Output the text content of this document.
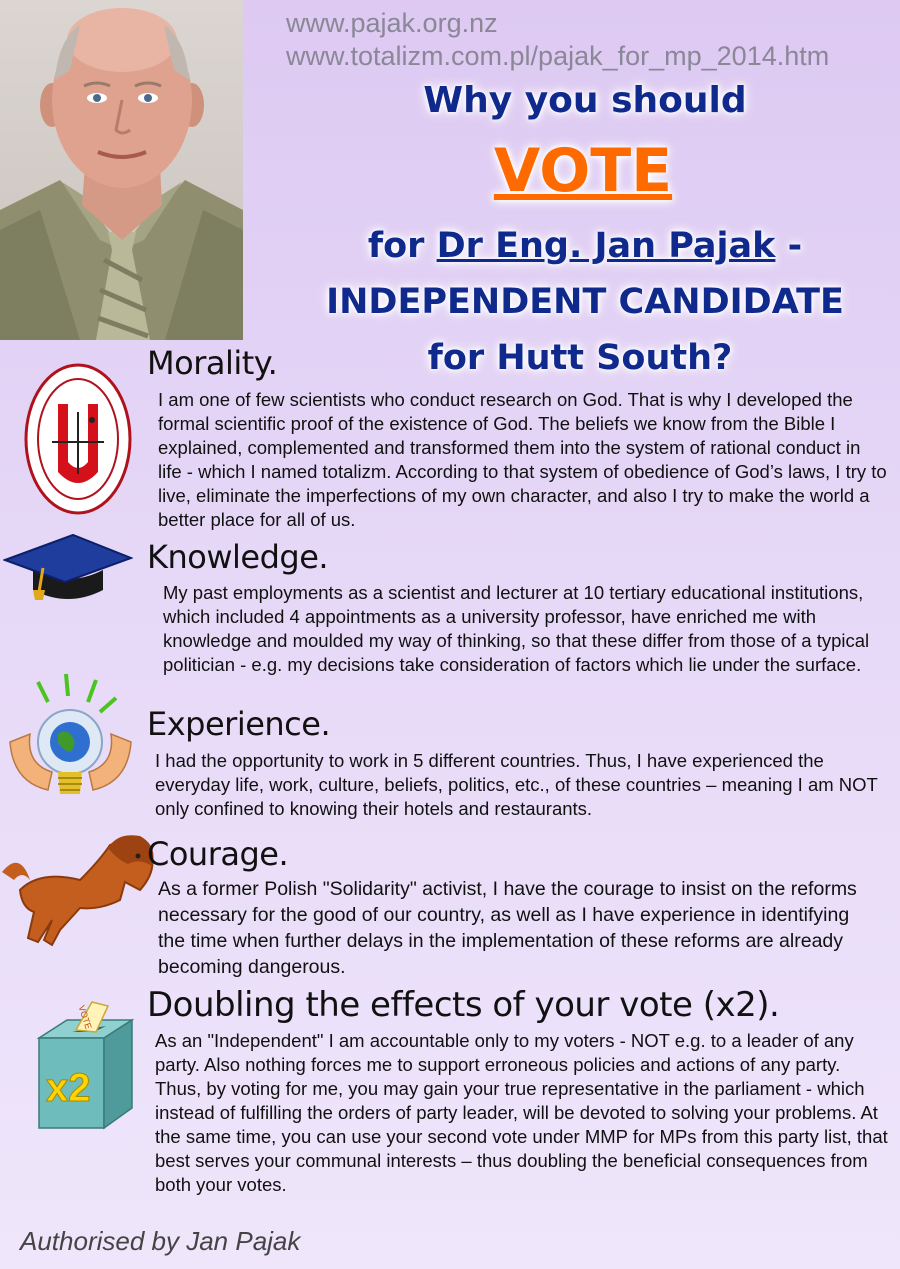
www.pajak.org.nz
www.totalizm.com.pl/pajak_for_mp_2014.htm
Why you should
VOTE
for Dr Eng. Jan Pajak -
INDEPENDENT CANDIDATE
for Hutt South?
Morality.
I am one of few scientists who conduct research on God. That is why I developed the formal scientific proof of the existence of God. The beliefs we know from the Bible I explained, complemented and transformed them into the system of rational conduct in life - which I named totalizm. According to that system of obedience of God’s laws, I try to live, eliminate the imperfections of my own character, and also I try to make the world a better place for all of us.
Knowledge.
My past employments as a scientist and lecturer at 10 tertiary educational institutions, which included 4 appointments as a university professor, have enriched me with knowledge and moulded my way of thinking, so that these differ from those of a typical politician - e.g. my decisions take consideration of factors which lie under the surface.
Experience.
I had the opportunity to work in 5 different countries. Thus, I have experienced the everyday life, work, culture, beliefs, politics, etc., of these countries – meaning I am NOT only confined to knowing their hotels and restaurants.
Courage.
As a former Polish "Solidarity" activist, I have the courage to insist on the reforms necessary for the good of our country, as well as I have experience in identifying the time when further delays in the implementation of these reforms are already becoming dangerous.
VOTE
x2
Doubling the effects of your vote (x2).
As an "Independent" I am accountable only to my voters - NOT e.g. to a leader of any party. Also nothing forces me to support erroneous policies and actions of any party. Thus, by voting for me, you may gain your true representative in the parliament - which instead of fulfilling the orders of party leader, will be devoted to solving your problems. At the same time, you can use your second vote under MMP for MPs from this party list, that best serves your communal interests – thus doubling the beneficial consequences from both your votes.
Authorised by Jan Pajak
